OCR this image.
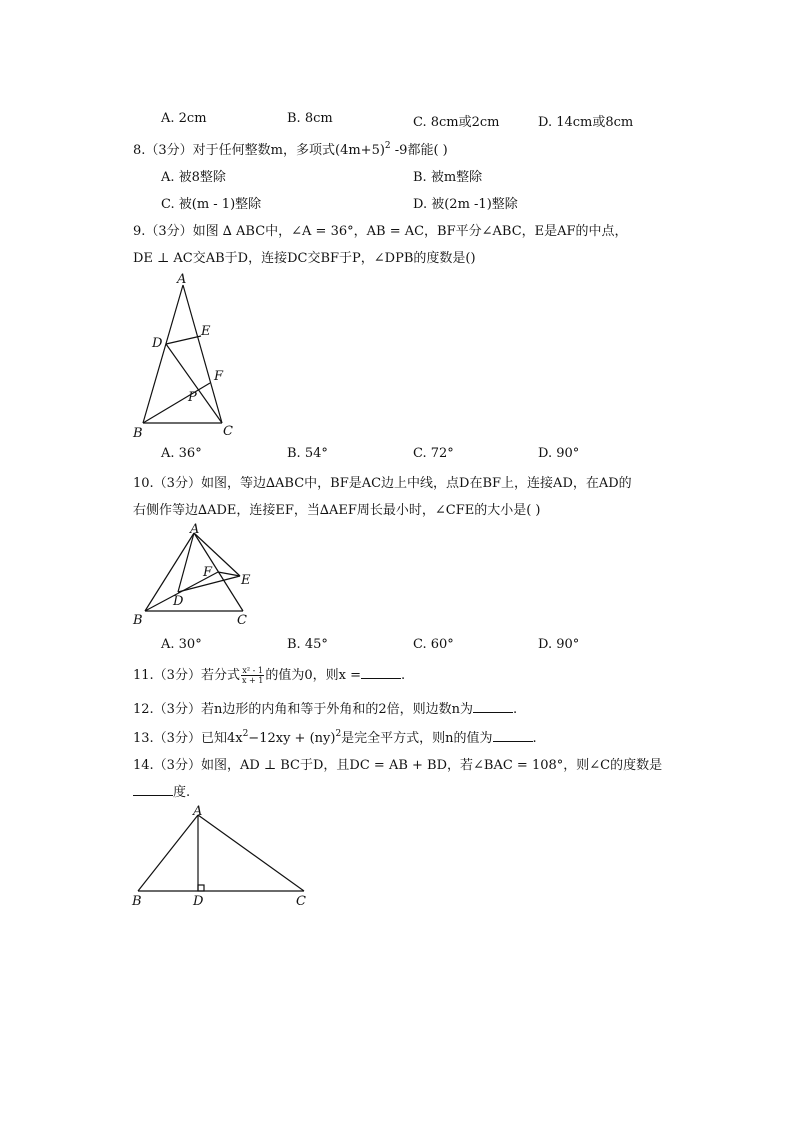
A. 2cm	B. 8cm	C. 8cm或2cm	D. 14cm或8cm
8.（3分）对于任何整数m，多项式$(4m+5)^2$ -9都能( )
A. 被8整除	B. 被m整除
C. 被(m - 1)整除	D. 被(2m -1)整除
9.（3分）如图 ∆ ABC中，∠A = 36°，AB = AC，BF平分∠ABC，E是AF的中点，
DE ⊥ AC交AB于D，连接DC交BF于P，∠DPB的度数是()
A
E
D
F
P
B	C
A. 36°	B. 54°	C. 72°	D. 90°
10.（3分）如图，等边∆ABC中，BF是AC边上中线，点D在BF上，连接AD，在AD的
右侧作等边∆ADE，连接EF，当∆AEF周长最小时，∠CFE的大小是( )
A
F
E
D
B	C
A. 30°	B. 45°	C. 60°	D. 90°
11.（3分）若分式 $\frac{\text{x² - 1}}{x + 1}$ 的值为0，则x =	.
12.（3分）若n边形的内角和等于外角和的2倍，则边数n为	.
13.（3分）已知$4x^2-12xy + (ny)^2$是完全平方式，则n的值为	.
14.（3分）如图，AD ⊥ BC于D，且DC = AB + BD，若∠BAC = 108°，则∠C的度数是
度.
A
B	D	C
